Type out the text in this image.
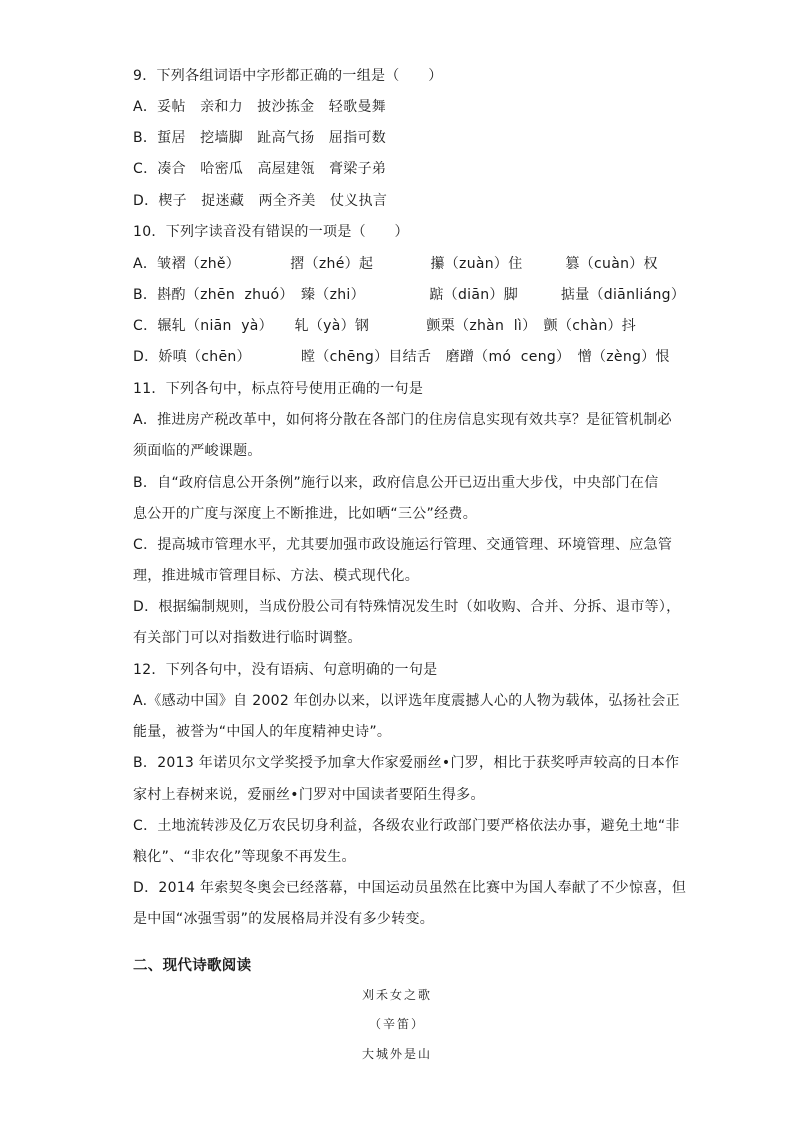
9．下列各组词语中字形都正确的一组是（　　）
A．妥帖　亲和力　披沙拣金　轻歌曼舞
B．蜇居　挖墙脚　趾高气扬　屈指可数
C．凑合　哈密瓜　高屋建瓴　膏梁子弟
D．楔子　捉迷藏　两全齐美　仗义执言
10．下列字读音没有错误的一项是（　　）
A．皱褶（zhě）　　　　摺（zhé）起　　　　攥（zuàn）住　　　篡（cuàn）权
B．斟酌（zhēn  zhuó）　臻（zhi）　　　　　踮（diān）脚　　　掂量（diānliáng）
C．辗轧（niān  yà）　　轧（yà）钢　　　　颤栗（zhàn  lì）　颤（chàn）抖
D．娇嗔（chēn）　　　　瞠（chēng）目结舌　磨蹭（mó  ceng）　憎（zèng）恨
11．下列各句中，标点符号使用正确的一句是
A．推进房产税改革中，如何将分散在各部门的住房信息实现有效共享？是征管机制必
须面临的严峻课题。
B．自“政府信息公开条例”施行以来，政府信息公开已迈出重大步伐，中央部门在信
息公开的广度与深度上不断推进，比如晒“三公”经费。
C．提高城市管理水平，尤其要加强市政设施运行管理、交通管理、环境管理、应急管
理，推进城市管理目标、方法、模式现代化。
D．根据编制规则，当成份股公司有特殊情况发生时（如收购、合并、分拆、退市等），
有关部门可以对指数进行临时调整。
12．下列各句中，没有语病、句意明确的一句是
A.《感动中国》自 2002 年创办以来，以评选年度震撼人心的人物为载体，弘扬社会正
能量，被誉为“中国人的年度精神史诗”。
B．2013 年诺贝尔文学奖授予加拿大作家爱丽丝•门罗，相比于获奖呼声较高的日本作
家村上春树来说，爱丽丝•门罗对中国读者要陌生得多。
C．土地流转涉及亿万农民切身利益，各级农业行政部门要严格依法办事，避免土地“非
粮化”、“非农化”等现象不再发生。
D．2014 年索契冬奥会已经落幕，中国运动员虽然在比赛中为国人奉献了不少惊喜，但
是中国“冰强雪弱”的发展格局并没有多少转变。
二、现代诗歌阅读
刈禾女之歌
（辛笛）
大城外是山
